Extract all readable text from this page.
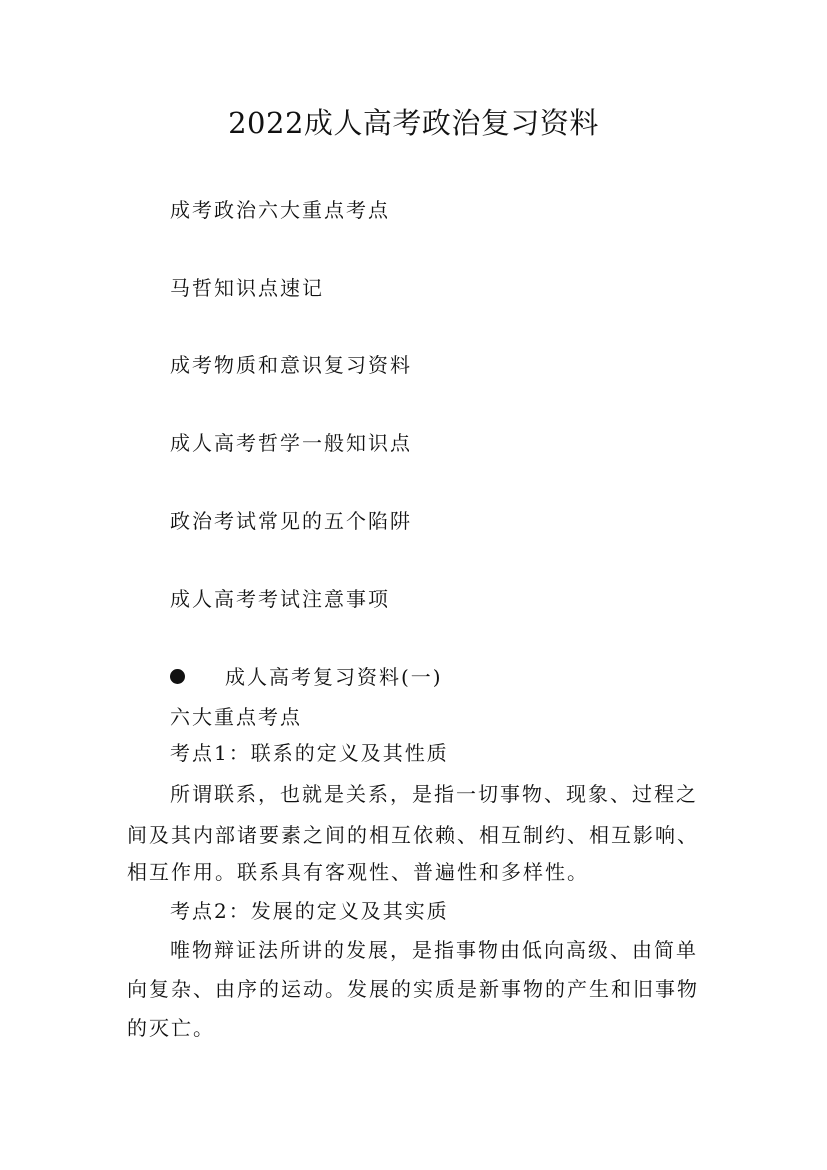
2022成人高考政治复习资料
成考政治六大重点考点
马哲知识点速记
成考物质和意识复习资料
成人高考哲学一般知识点
政治考试常见的五个陷阱
成人高考考试注意事项
成人高考复习资料(一)
六大重点考点
考点1：联系的定义及其性质
所谓联系，也就是关系，是指一切事物、现象、过程之
间及其内部诸要素之间的相互依赖、相互制约、相互影响、
相互作用。联系具有客观性、普遍性和多样性。
考点2：发展的定义及其实质
唯物辩证法所讲的发展，是指事物由低向高级、由简单
向复杂、由序的运动。发展的实质是新事物的产生和旧事物
的灭亡。
